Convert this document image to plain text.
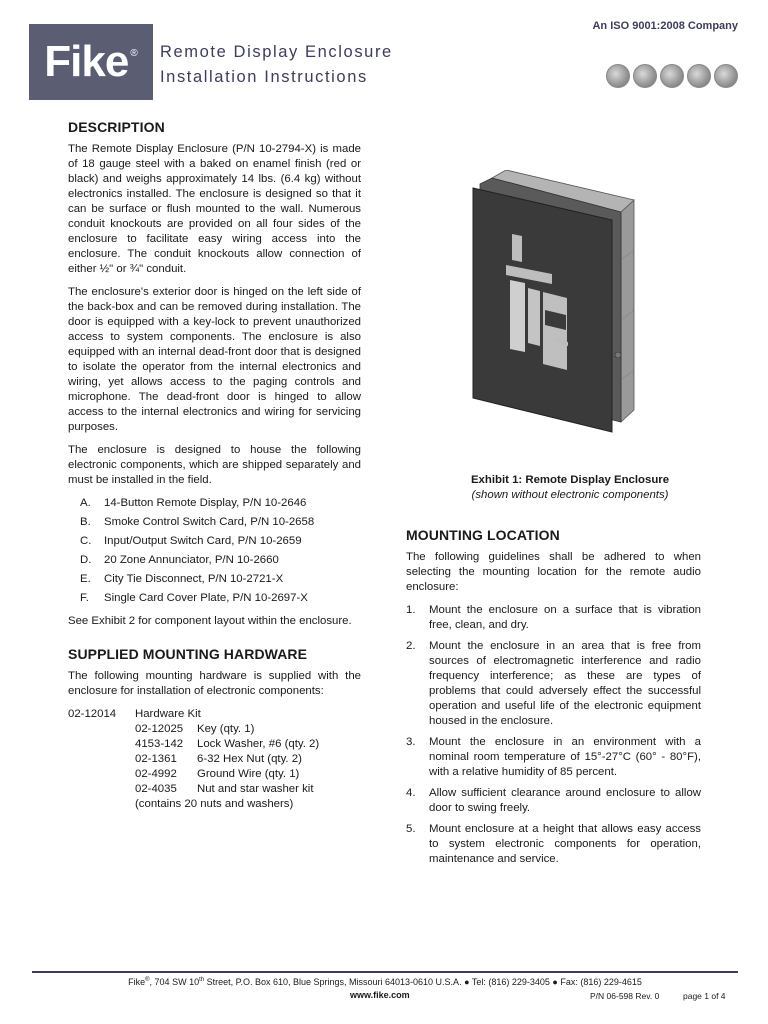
Fike ® Remote Display Enclosure
Installation Instructions
An ISO 9001:2008 Company
DESCRIPTION

The Remote Display Enclosure (P/N 10-2794-X) is made of 18 gauge steel with a baked on enamel finish (red or black) and weighs approximately 14 lbs. (6.4 kg) without electronics installed. The enclosure is designed so that it can be surface or flush mounted to the wall. Numerous conduit knockouts are provided on all four sides of the enclosure to facilitate easy wiring access into the enclosure. The conduit knockouts allow connection of either ½" or ¾" conduit.

The enclosure's exterior door is hinged on the left side of the back-box and can be removed during installation. The door is equipped with a key-lock to prevent unauthorized access to system components. The enclosure is also equipped with an internal dead-front door that is designed to isolate the operator from the internal electronics and wiring, yet allows access to the paging controls and microphone. The dead-front door is hinged to allow access to the internal electronics and wiring for servicing purposes.

The enclosure is designed to house the following electronic components, which are shipped separately and must be installed in the field.

A.	14-Button Remote Display, P/N 10-2646
B.	Smoke Control Switch Card, P/N 10-2658
C.	Input/Output Switch Card, P/N 10-2659
D.	20 Zone Annunciator, P/N 10-2660
E.	City Tie Disconnect, P/N 10-2721-X
F.	Single Card Cover Plate, P/N 10-2697-X

See Exhibit 2 for component layout within the enclosure.

SUPPLIED MOUNTING HARDWARE

The following mounting hardware is supplied with the enclosure for installation of electronic components:

02-12014	Hardware Kit
	02-12025 Key (qty. 1)
	4153-142 Lock Washer, #6 (qty. 2)
	02-1361 6-32 Hex Nut (qty. 2)
	02-4992 Ground Wire (qty. 1)
	02-4035 Nut and star washer kit
	(contains 20 nuts and washers)
Exhibit 1: Remote Display Enclosure
(shown without electronic components)
MOUNTING LOCATION

The following guidelines shall be adhered to when selecting the mounting location for the remote audio enclosure:

1.	Mount the enclosure on a surface that is vibration free, clean, and dry.
2.	Mount the enclosure in an area that is free from sources of electromagnetic interference and radio frequency interference; as these are types of problems that could adversely effect the successful operation and useful life of the electronic equipment housed in the enclosure.
3.	Mount the enclosure in an environment with a nominal room temperature of 15°-27°C (60° - 80°F), with a relative humidity of 85 percent.
4.	Allow sufficient clearance around enclosure to allow door to swing freely.
5.	Mount enclosure at a height that allows easy access to system electronic components for operation, maintenance and service.
Fike®, 704 SW 10th Street, P.O. Box 610, Blue Springs, Missouri 64013-0610 U.S.A. ● Tel: (816) 229-3405 ● Fax: (816) 229-4615
www.fike.com	P/N 06-598 Rev. 0	page 1 of 4
